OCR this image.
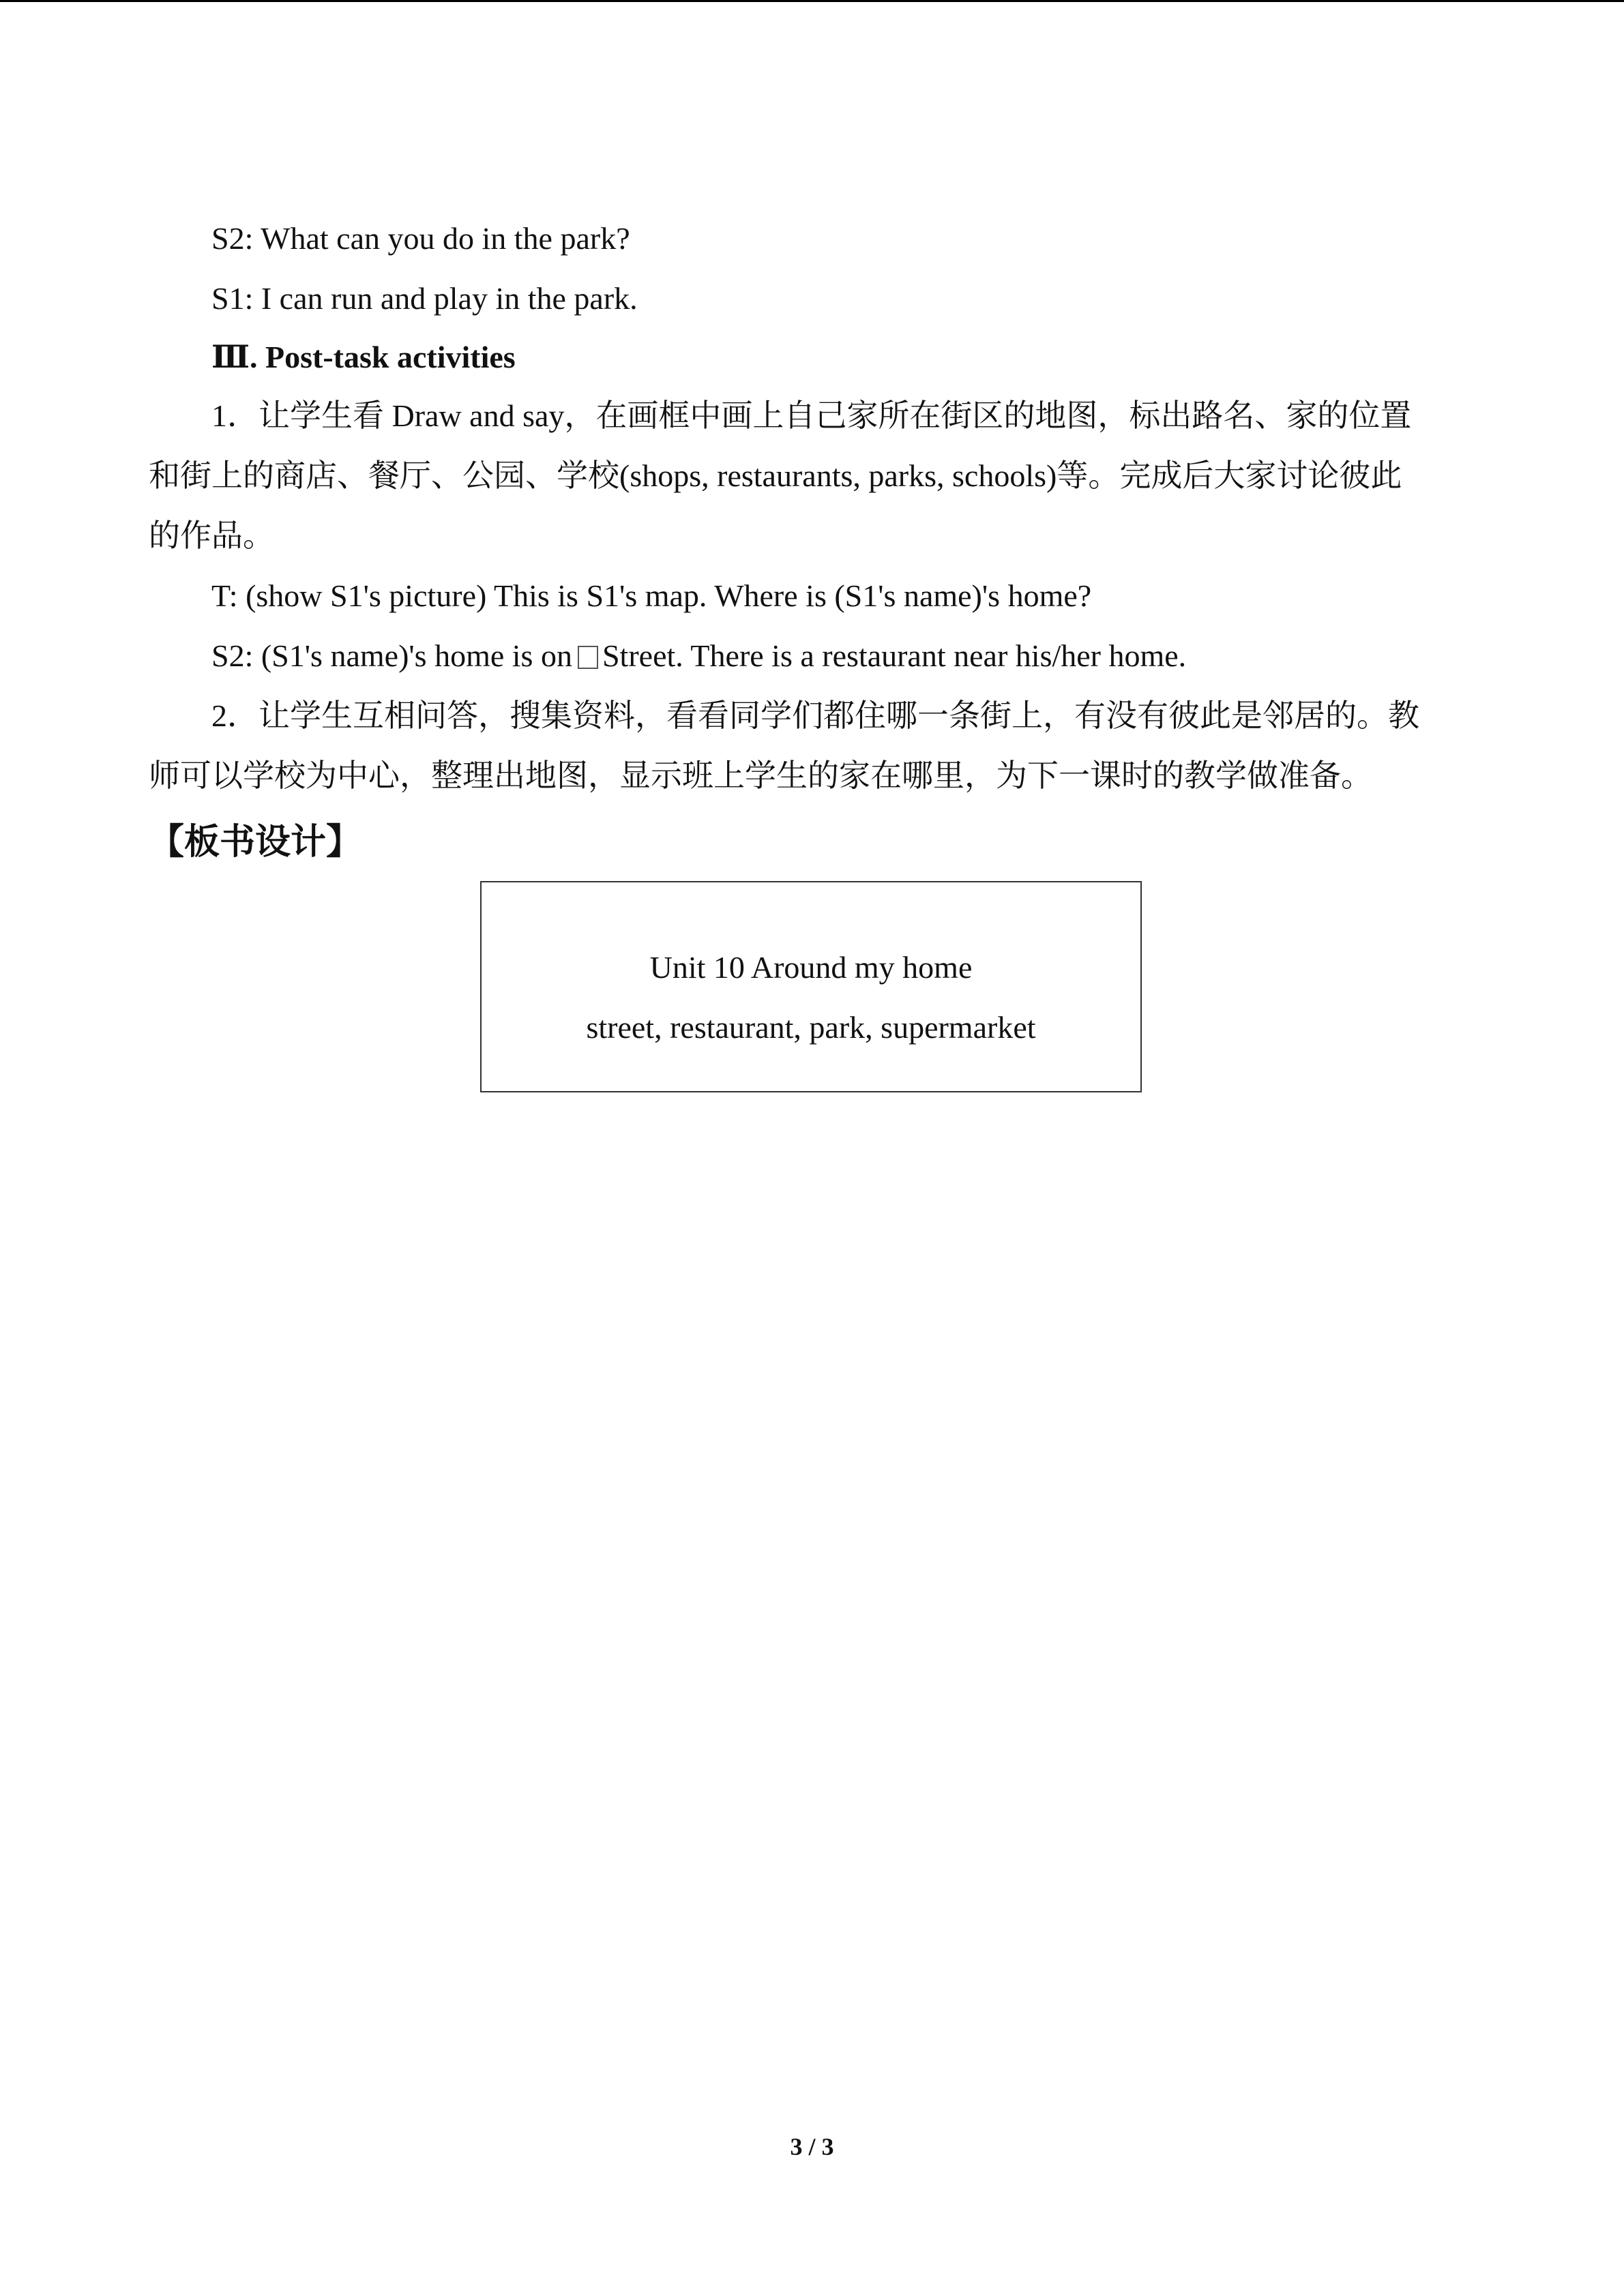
S2: What can you do in the park?
S1: I can run and play in the park.
Ⅲ. Post-task activities
1．让学生看 Draw and say，在画框中画上自己家所在街区的地图，标出路名、家的位置
和街上的商店、餐厅、公园、学校(shops, restaurants, parks, schools)等。完成后大家讨论彼此
的作品。
T: (show S1's picture) This is S1's map. Where is (S1's name)'s home?
S2: (S1's name)'s home is on Street. There is a restaurant near his/her home.
2．让学生互相问答，搜集资料，看看同学们都住哪一条街上，有没有彼此是邻居的。教
师可以学校为中心，整理出地图，显示班上学生的家在哪里，为下一课时的教学做准备。
【板书设计】
Unit 10 Around my home
street, restaurant, park, supermarket
3 / 3
